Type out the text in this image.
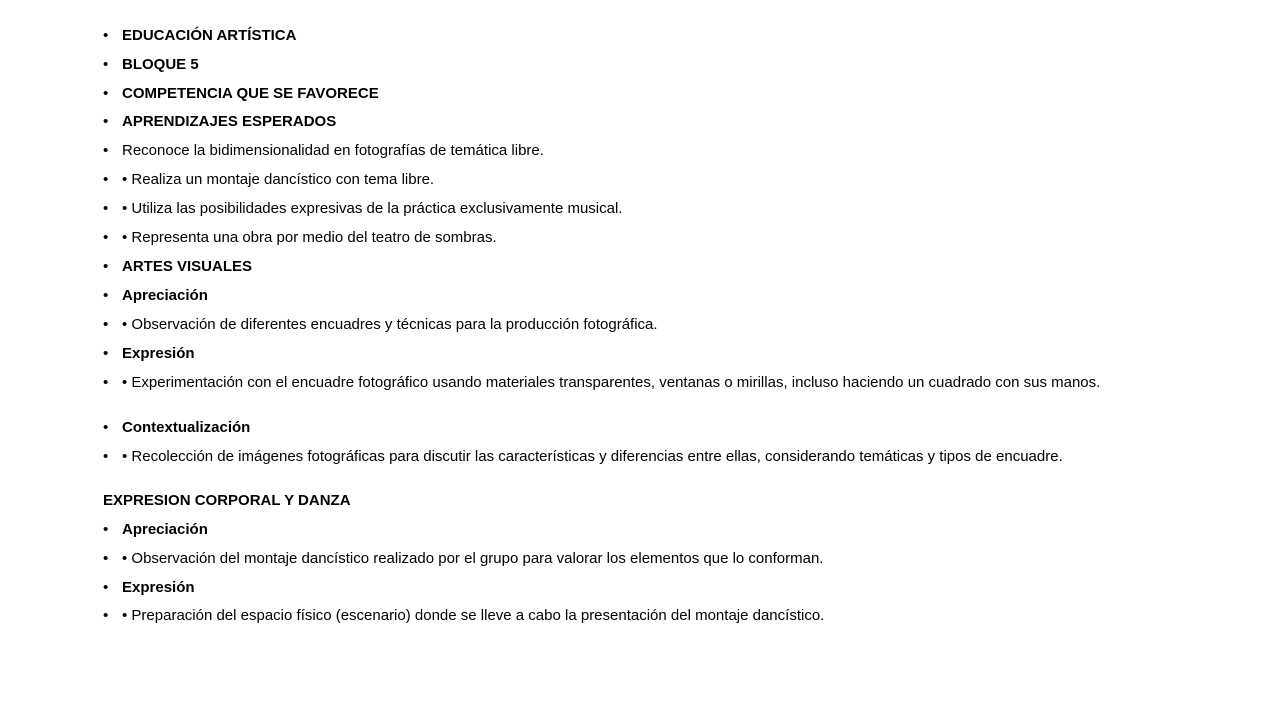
• EDUCACIÓN ARTÍSTICA
• BLOQUE 5
• COMPETENCIA QUE SE FAVORECE
• APRENDIZAJES ESPERADOS
• Reconoce la bidimensionalidad en fotografías de temática libre.
• • Realiza un montaje dancístico con tema libre.
• • Utiliza las posibilidades expresivas de la práctica exclusivamente musical.
• • Representa una obra por medio del teatro de sombras.
• ARTES VISUALES
• Apreciación
• • Observación de diferentes encuadres y técnicas para la producción fotográfica.
• Expresión
• • Experimentación con el encuadre fotográfico usando materiales transparentes, ventanas o mirillas, incluso haciendo un cuadrado con sus manos.
• Contextualización
• • Recolección de imágenes fotográficas para discutir las características y diferencias entre ellas, considerando temáticas y tipos de encuadre.
EXPRESION CORPORAL Y DANZA
• Apreciación
• • Observación del montaje dancístico realizado por el grupo para valorar los elementos que lo conforman.
• Expresión
• • Preparación del espacio físico (escenario) donde se lleve a cabo la presentación del montaje dancístico.
